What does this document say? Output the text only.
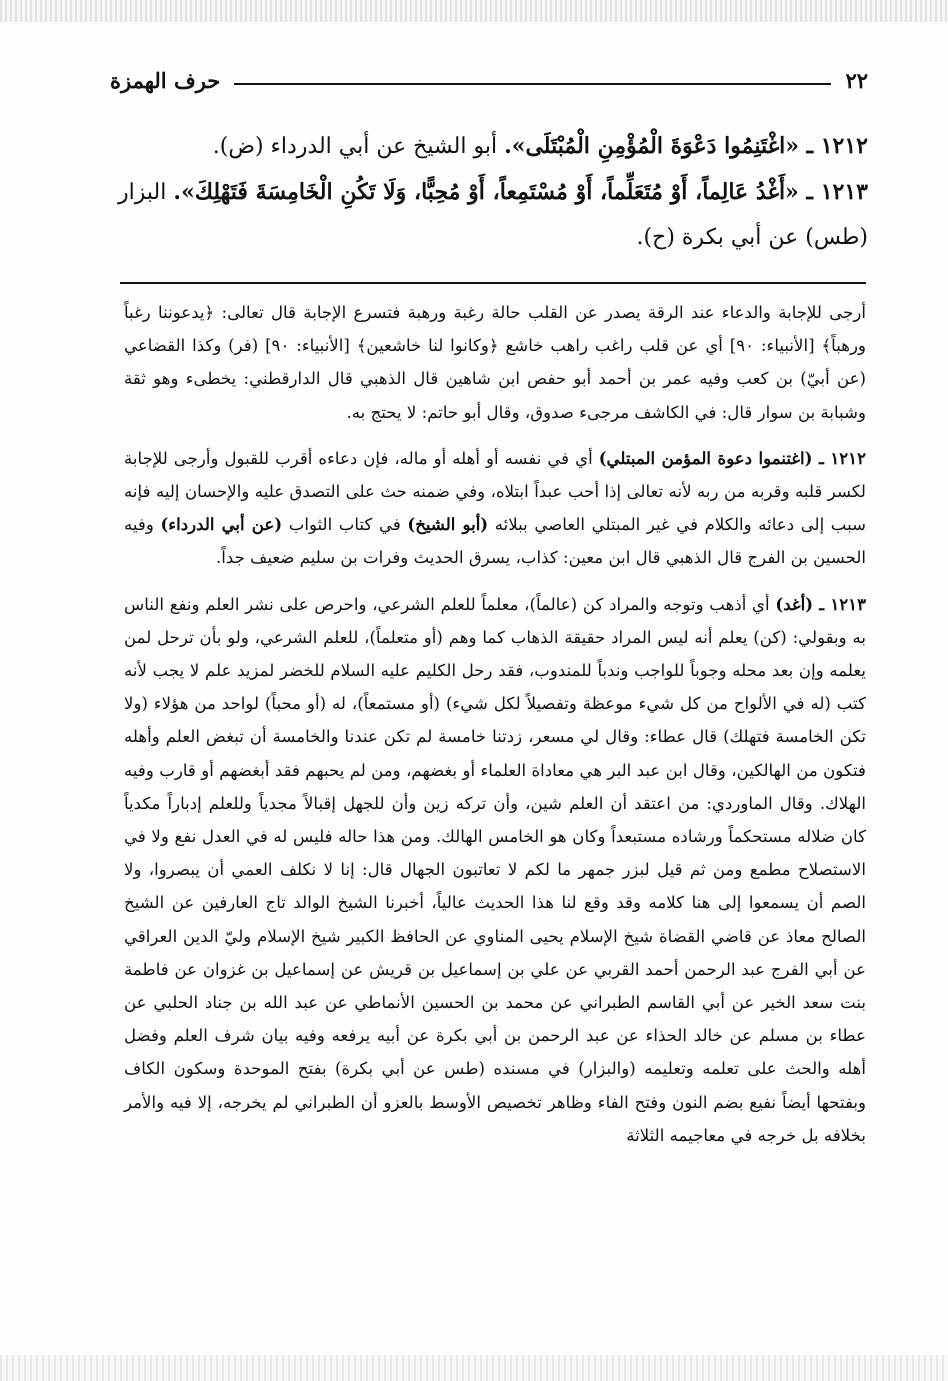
٢٢
حرف الهمزة
١٢١٢ ـ «اغْتَنِمُوا دَعْوَةَ الْمُؤْمِنِ الْمُبْتَلَى». أبو الشيخ عن أبي الدرداء (ض).
١٢١٣ ـ «أَغْدُ عَالِماً، أَوْ مُتَعَلِّماً، أَوْ مُسْتَمِعاً، أَوْ مُحِبًّا، وَلَا تَكُنِ الْخَامِسَةَ فَتَهْلِكَ». البزار (طس) عن أبي بكرة (ح).

أرجى للإجابة والدعاء عند الرقة يصدر عن القلب حالة رغبة ورهبة فتسرع الإجابة قال تعالى: ﴿يدعوننا رغباً ورهباً﴾ [الأنبياء: ٩٠] أي عن قلب راغب راهب خاشع ﴿وكانوا لنا خاشعين﴾ [الأنبياء: ٩٠] (فر) وكذا القضاعي (عن أبيّ) بن كعب وفيه عمر بن أحمد أبو حفص ابن شاهين قال الذهبي قال الدارقطني: يخطىء وهو ثقة وشبابة بن سوار قال: في الكاشف مرجىء صدوق، وقال أبو حاتم: لا يحتج به.

١٢١٢ ـ (اغتنموا دعوة المؤمن المبتلي) أي في نفسه أو أهله أو ماله، فإن دعاءه أقرب للقبول وأرجى للإجابة لكسر قلبه وقربه من ربه لأنه تعالى إذا أحب عبداً ابتلاه، وفي ضمنه حث على التصدق عليه والإحسان إليه فإنه سبب إلى دعائه والكلام في غير المبتلي العاصي ببلائه (أبو الشيخ) في كتاب الثواب (عن أبي الدرداء) وفيه الحسين بن الفرج قال الذهبي قال ابن معين: كذاب، يسرق الحديث وفرات بن سليم ضعيف جداً.

١٢١٣ ـ (أغد) أي أذهب وتوجه والمراد كن (عالماً)، معلماً للعلم الشرعي، واحرص على نشر العلم ونفع الناس به وبقولي: (كن) يعلم أنه ليس المراد حقيقة الذهاب كما وهم (أو متعلماً)، للعلم الشرعي، ولو بأن ترحل لمن يعلمه وإن بعد محله وجوباً للواجب وندباً للمندوب، فقد رحل الكليم عليه السلام للخضر لمزيد علم لا يجب لأنه كتب (له في الألواح من كل شيء موعظة وتفصيلاً لكل شيء) (أو مستمعاً)، له (أو محباً) لواحد من هؤلاء (ولا تكن الخامسة فتهلك) قال عطاء: وقال لي مسعر، زدتنا خامسة لم تكن عندنا والخامسة أن تبغض العلم وأهله فتكون من الهالكين، وقال ابن عبد البر هي معاداة العلماء أو بغضهم، ومن لم يحبهم فقد أبغضهم أو قارب وفيه الهلاك. وقال الماوردي: من اعتقد أن العلم شين، وأن تركه زين وأن للجهل إقبالاً مجدياً وللعلم إدباراً مكدياً كان ضلاله مستحكماً ورشاده مستبعداً وكان هو الخامس الهالك. ومن هذا حاله فليس له في العدل نفع ولا في الاستصلاح مطمع ومن ثم قيل لبزر جمهر ما لكم لا تعاتبون الجهال قال: إنا لا نكلف العمي أن يبصروا، ولا الصم أن يسمعوا إلى هنا كلامه وقد وقع لنا هذا الحديث عالياً، أخبرنا الشيخ الوالد تاج العارفين عن الشيخ الصالح معاذ عن قاضي القضاة شيخ الإسلام يحيى المناوي عن الحافظ الكبير شيخ الإسلام وليّ الدين العراقي عن أبي الفرج عبد الرحمن أحمد القربي عن علي بن إسماعيل بن قريش عن إسماعيل بن غزوان عن فاطمة بنت سعد الخير عن أبي القاسم الطبراني عن محمد بن الحسين الأنماطي عن عبد الله بن جناد الحلبي عن عطاء بن مسلم عن خالد الحذاء عن عبد الرحمن بن أبي بكرة عن أبيه يرفعه وفيه بيان شرف العلم وفضل أهله والحث على تعلمه وتعليمه (والبزار) في مسنده (طس عن أبي بكرة) بفتح الموحدة وسكون الكاف وبفتحها أيضاً نفيع بضم النون وفتح الفاء وظاهر تخصيص الأوسط بالعزو أن الطبراني لم يخرجه، إلا فيه والأمر بخلافه بل خرجه في معاجيمه الثلاثة
